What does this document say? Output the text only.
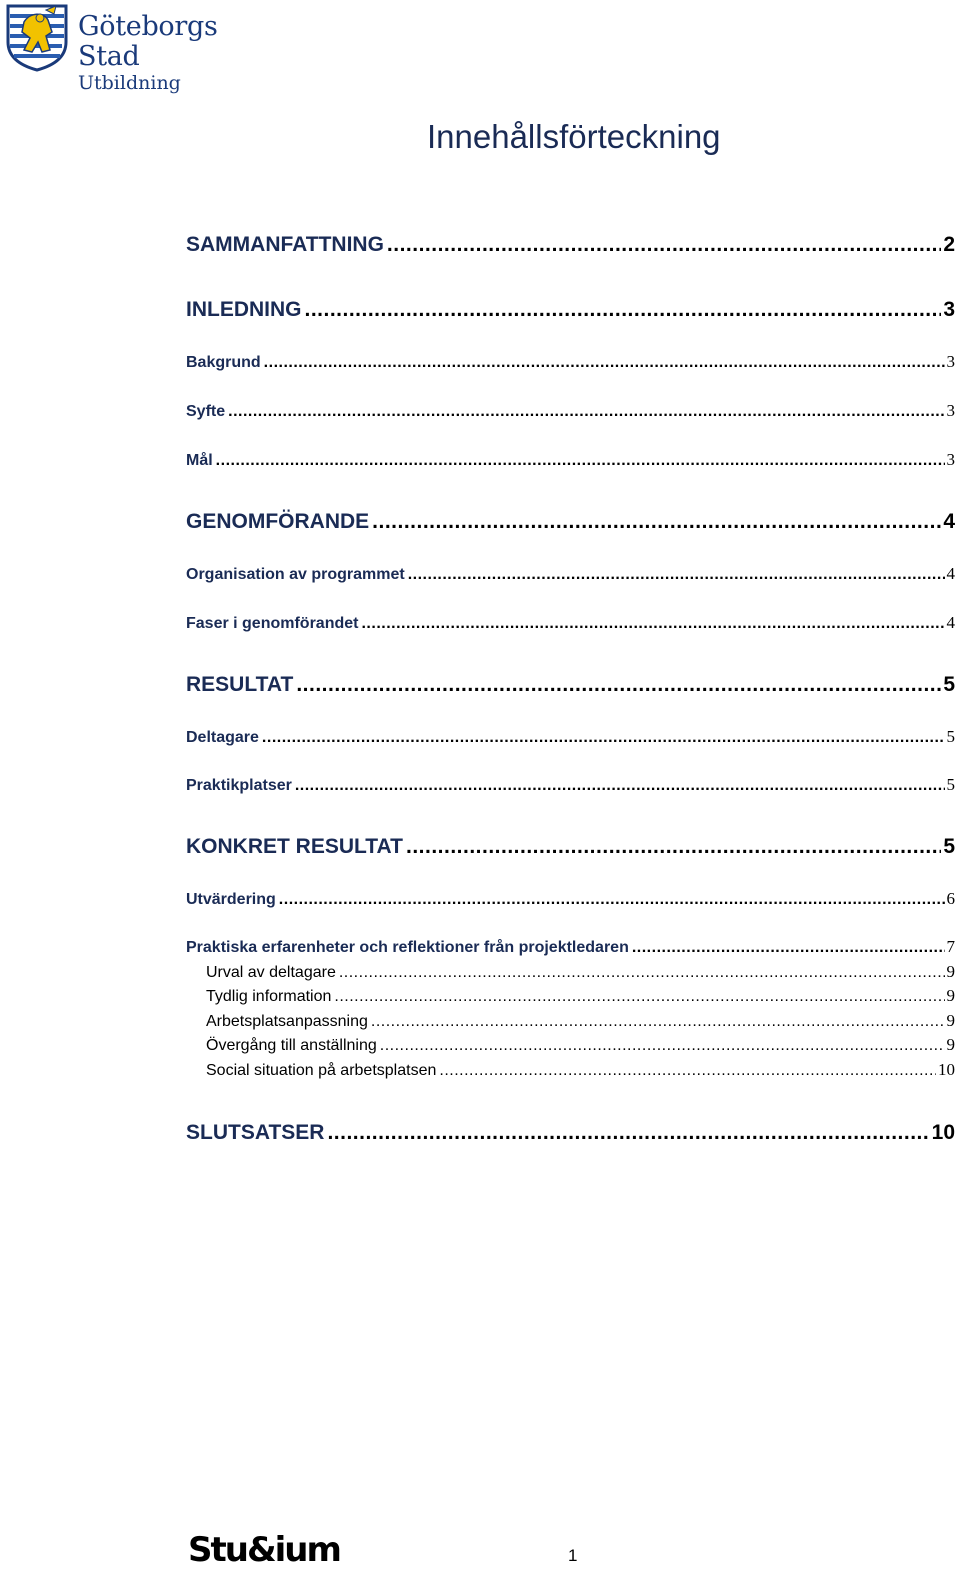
Göteborgs Stad
Utbildning
Innehållsförteckning
SAMMANFATTNING .....	2
INLEDNING .....	3
Bakgrund .....	3
Syfte .....	3
Mål .....	3
GENOMFÖRANDE .....	4
Organisation av programmet .....	4
Faser i genomförandet .....	4
RESULTAT .....	5
Deltagare .....	5
Praktikplatser .....	5
KONKRET RESULTAT .....	5
Utvärdering .....	6
Praktiska erfarenheter och reflektioner från projektledaren .....	7
Urval av deltagare .....	9
Tydlig information .....	9
Arbetsplatsanpassning .....	9
Övergång till anställning .....	9
Social situation på arbetsplatsen .....	10
SLUTSATSER .....	10
Stu&ium	1
